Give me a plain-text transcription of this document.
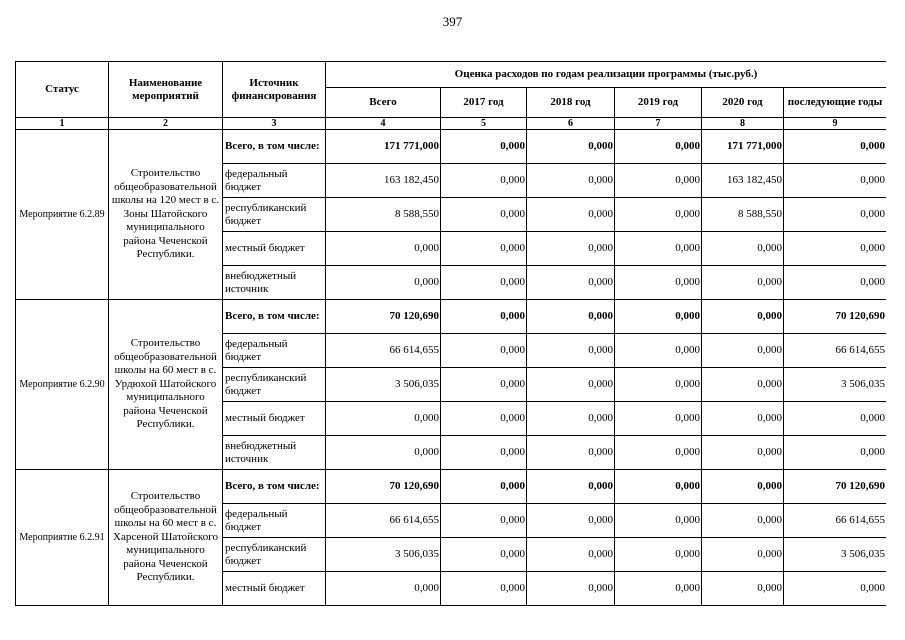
397
Статус	Наименование мероприятий	Источник финансирования	Оценка расходов по годам реализации программы (тыс.руб.)					
			Всего	2017 год	2018 год	2019 год	2020 год	последующие годы
1	2	3	4	5	6	7	8	9
Мероприятие 6.2.89	Строительство общеобразовательной школы на 120 мест в с. Зоны Шатойского муниципального района Чеченской Республики.	Всего, в том числе:	171 771,000	0,000	0,000	0,000	171 771,000	0,000
		федеральный бюджет	163 182,450	0,000	0,000	0,000	163 182,450	0,000
		республиканский бюджет	8 588,550	0,000	0,000	0,000	8 588,550	0,000
		местный бюджет	0,000	0,000	0,000	0,000	0,000	0,000
		внебюджетный источник	0,000	0,000	0,000	0,000	0,000	0,000
Мероприятие 6.2.90	Строительство общеобразовательной школы на 60 мест в с. Урдюхой Шатойского муниципального района Чеченской Республики.	Всего, в том числе:	70 120,690	0,000	0,000	0,000	0,000	70 120,690
		федеральный бюджет	66 614,655	0,000	0,000	0,000	0,000	66 614,655
		республиканский бюджет	3 506,035	0,000	0,000	0,000	0,000	3 506,035
		местный бюджет	0,000	0,000	0,000	0,000	0,000	0,000
		внебюджетный источник	0,000	0,000	0,000	0,000	0,000	0,000
Мероприятие 6.2.91	Строительство общеобразовательной школы на 60 мест в с. Харсеной Шатойского муниципального района Чеченской Республики.	Всего, в том числе:	70 120,690	0,000	0,000	0,000	0,000	70 120,690
		федеральный бюджет	66 614,655	0,000	0,000	0,000	0,000	66 614,655
		республиканский бюджет	3 506,035	0,000	0,000	0,000	0,000	3 506,035
		местный бюджет	0,000	0,000	0,000	0,000	0,000	0,000
